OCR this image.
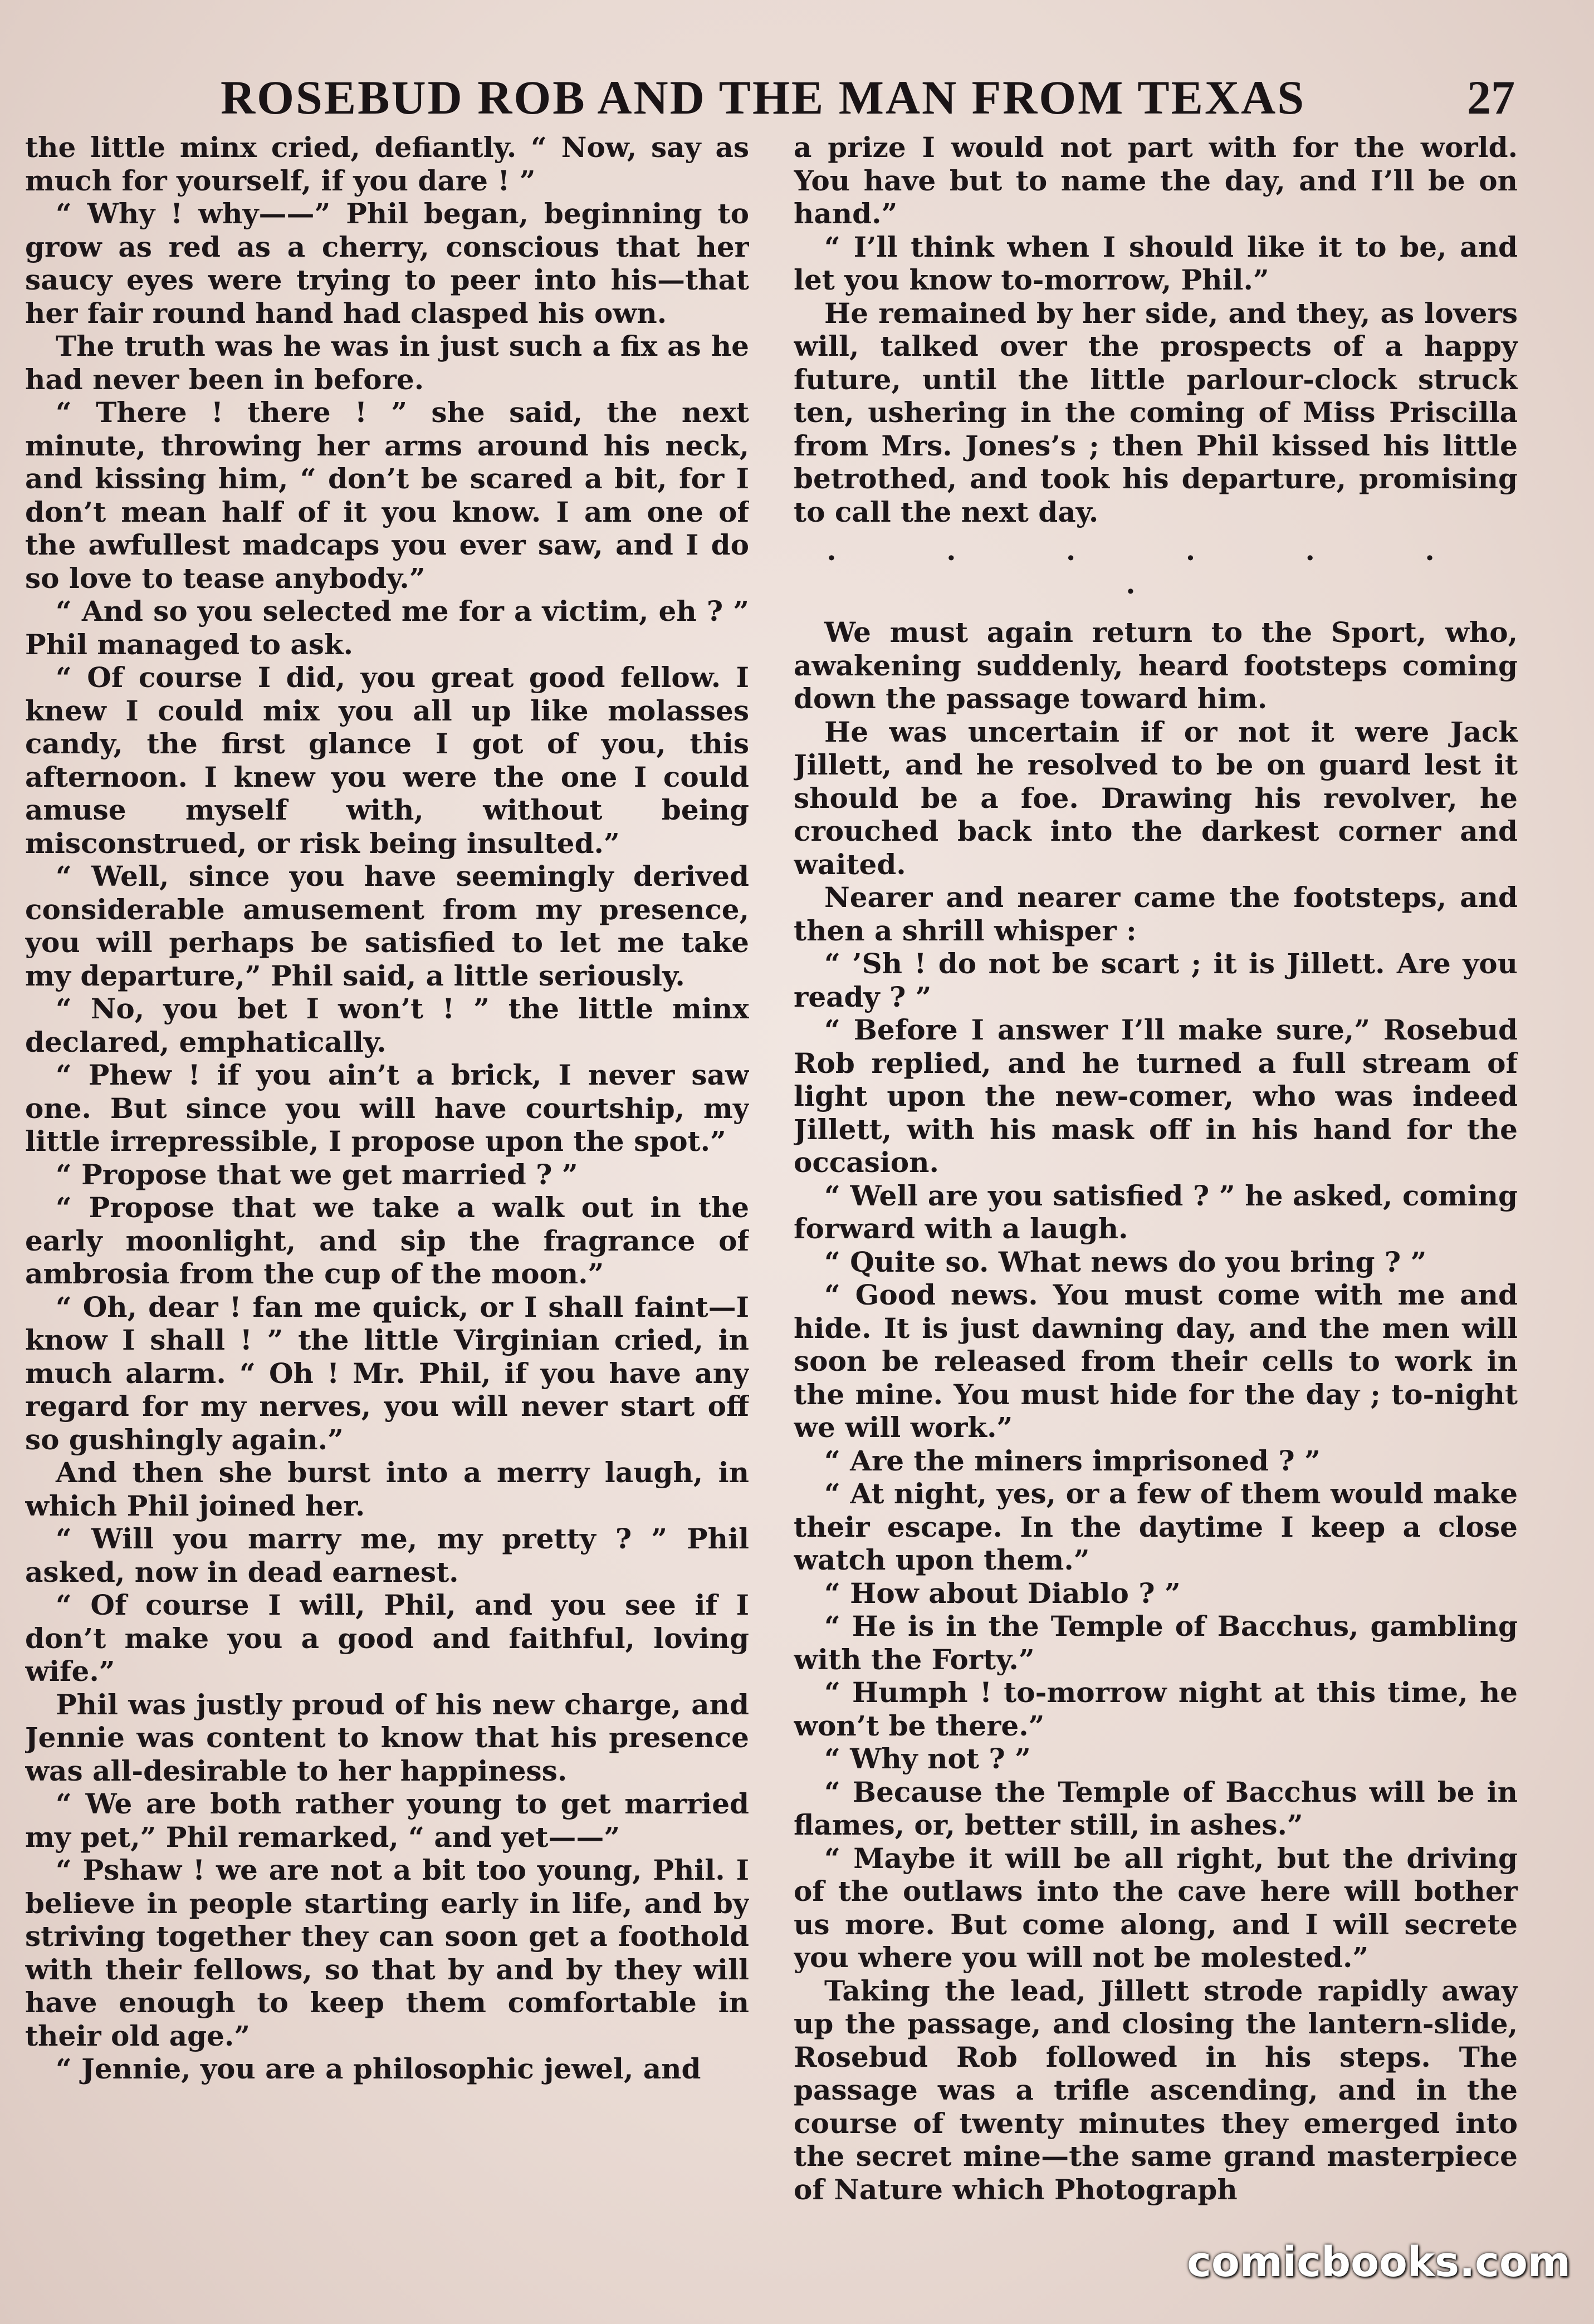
ROSEBUD ROB AND THE MAN FROM TEXAS	27

the little minx cried, defiantly. “ Now, say as much for yourself, if you dare ! ”

“ Why ! why——” Phil began, beginning to grow as red as a cherry, conscious that her saucy eyes were trying to peer into his—that her fair round hand had clasped his own.

The truth was he was in just such a fix as he had never been in before.

“ There ! there ! ” she said, the next minute, throwing her arms around his neck, and kissing him, “ don’t be scared a bit, for I don’t mean half of it you know. I am one of the awfullest madcaps you ever saw, and I do so love to tease anybody.”

“ And so you selected me for a victim, eh ? ” Phil managed to ask.

“ Of course I did, you great good fellow. I knew I could mix you all up like molasses candy, the first glance I got of you, this afternoon. I knew you were the one I could amuse myself with, without being misconstrued, or risk being insulted.”

“ Well, since you have seemingly derived considerable amusement from my presence, you will perhaps be satisfied to let me take my departure,” Phil said, a little seriously.

“ No, you bet I won’t ! ” the little minx declared, emphatically.

“ Phew ! if you ain’t a brick, I never saw one. But since you will have courtship, my little irrepressible, I propose upon the spot.”

“ Propose that we get married ? ”

“ Propose that we take a walk out in the early moonlight, and sip the fragrance of ambrosia from the cup of the moon.”

“ Oh, dear ! fan me quick, or I shall faint—I know I shall ! ” the little Virginian cried, in much alarm. “ Oh ! Mr. Phil, if you have any regard for my nerves, you will never start off so gushingly again.”

And then she burst into a merry laugh, in which Phil joined her.

“ Will you marry me, my pretty ? ” Phil asked, now in dead earnest.

“ Of course I will, Phil, and you see if I don’t make you a good and faithful, loving wife.”

Phil was justly proud of his new charge, and Jennie was content to know that his presence was all-desirable to her happiness.

“ We are both rather young to get married my pet,” Phil remarked, “ and yet——”

“ Pshaw ! we are not a bit too young, Phil. I believe in people starting early in life, and by striving together they can soon get a foothold with their fellows, so that by and by they will have enough to keep them comfortable in their old age.”

“ Jennie, you are a philosophic jewel, and

a prize I would not part with for the world. You have but to name the day, and I’ll be on hand.”

“ I’ll think when I should like it to be, and let you know to-morrow, Phil.”

He remained by her side, and they, as lovers will, talked over the prospects of a happy future, until the little parlour-clock struck ten, ushering in the coming of Miss Priscilla from Mrs. Jones’s ; then Phil kissed his little betrothed, and took his departure, promising to call the next day.

. . . . . . .

We must again return to the Sport, who, awakening suddenly, heard footsteps coming down the passage toward him.

He was uncertain if or not it were Jack Jillett, and he resolved to be on guard lest it should be a foe. Drawing his revolver, he crouched back into the darkest corner and waited.

Nearer and nearer came the footsteps, and then a shrill whisper :

“ ’Sh ! do not be scart ; it is Jillett. Are you ready ? ”

“ Before I answer I’ll make sure,” Rosebud Rob replied, and he turned a full stream of light upon the new-comer, who was indeed Jillett, with his mask off in his hand for the occasion.

“ Well are you satisfied ? ” he asked, coming forward with a laugh.

“ Quite so. What news do you bring ? ”

“ Good news. You must come with me and hide. It is just dawning day, and the men will soon be released from their cells to work in the mine. You must hide for the day ; to-night we will work.”

“ Are the miners imprisoned ? ”

“ At night, yes, or a few of them would make their escape. In the daytime I keep a close watch upon them.”

“ How about Diablo ? ”

“ He is in the Temple of Bacchus, gambling with the Forty.”

“ Humph ! to-morrow night at this time, he won’t be there.”

“ Why not ? ”

“ Because the Temple of Bacchus will be in flames, or, better still, in ashes.”

“ Maybe it will be all right, but the driving of the outlaws into the cave here will bother us more. But come along, and I will secrete you where you will not be molested.”

Taking the lead, Jillett strode rapidly away up the passage, and closing the lantern-slide, Rosebud Rob followed in his steps. The passage was a trifle ascending, and in the course of twenty minutes they emerged into the secret mine—the same grand masterpiece of Nature which Photograph

comicbooks.com
